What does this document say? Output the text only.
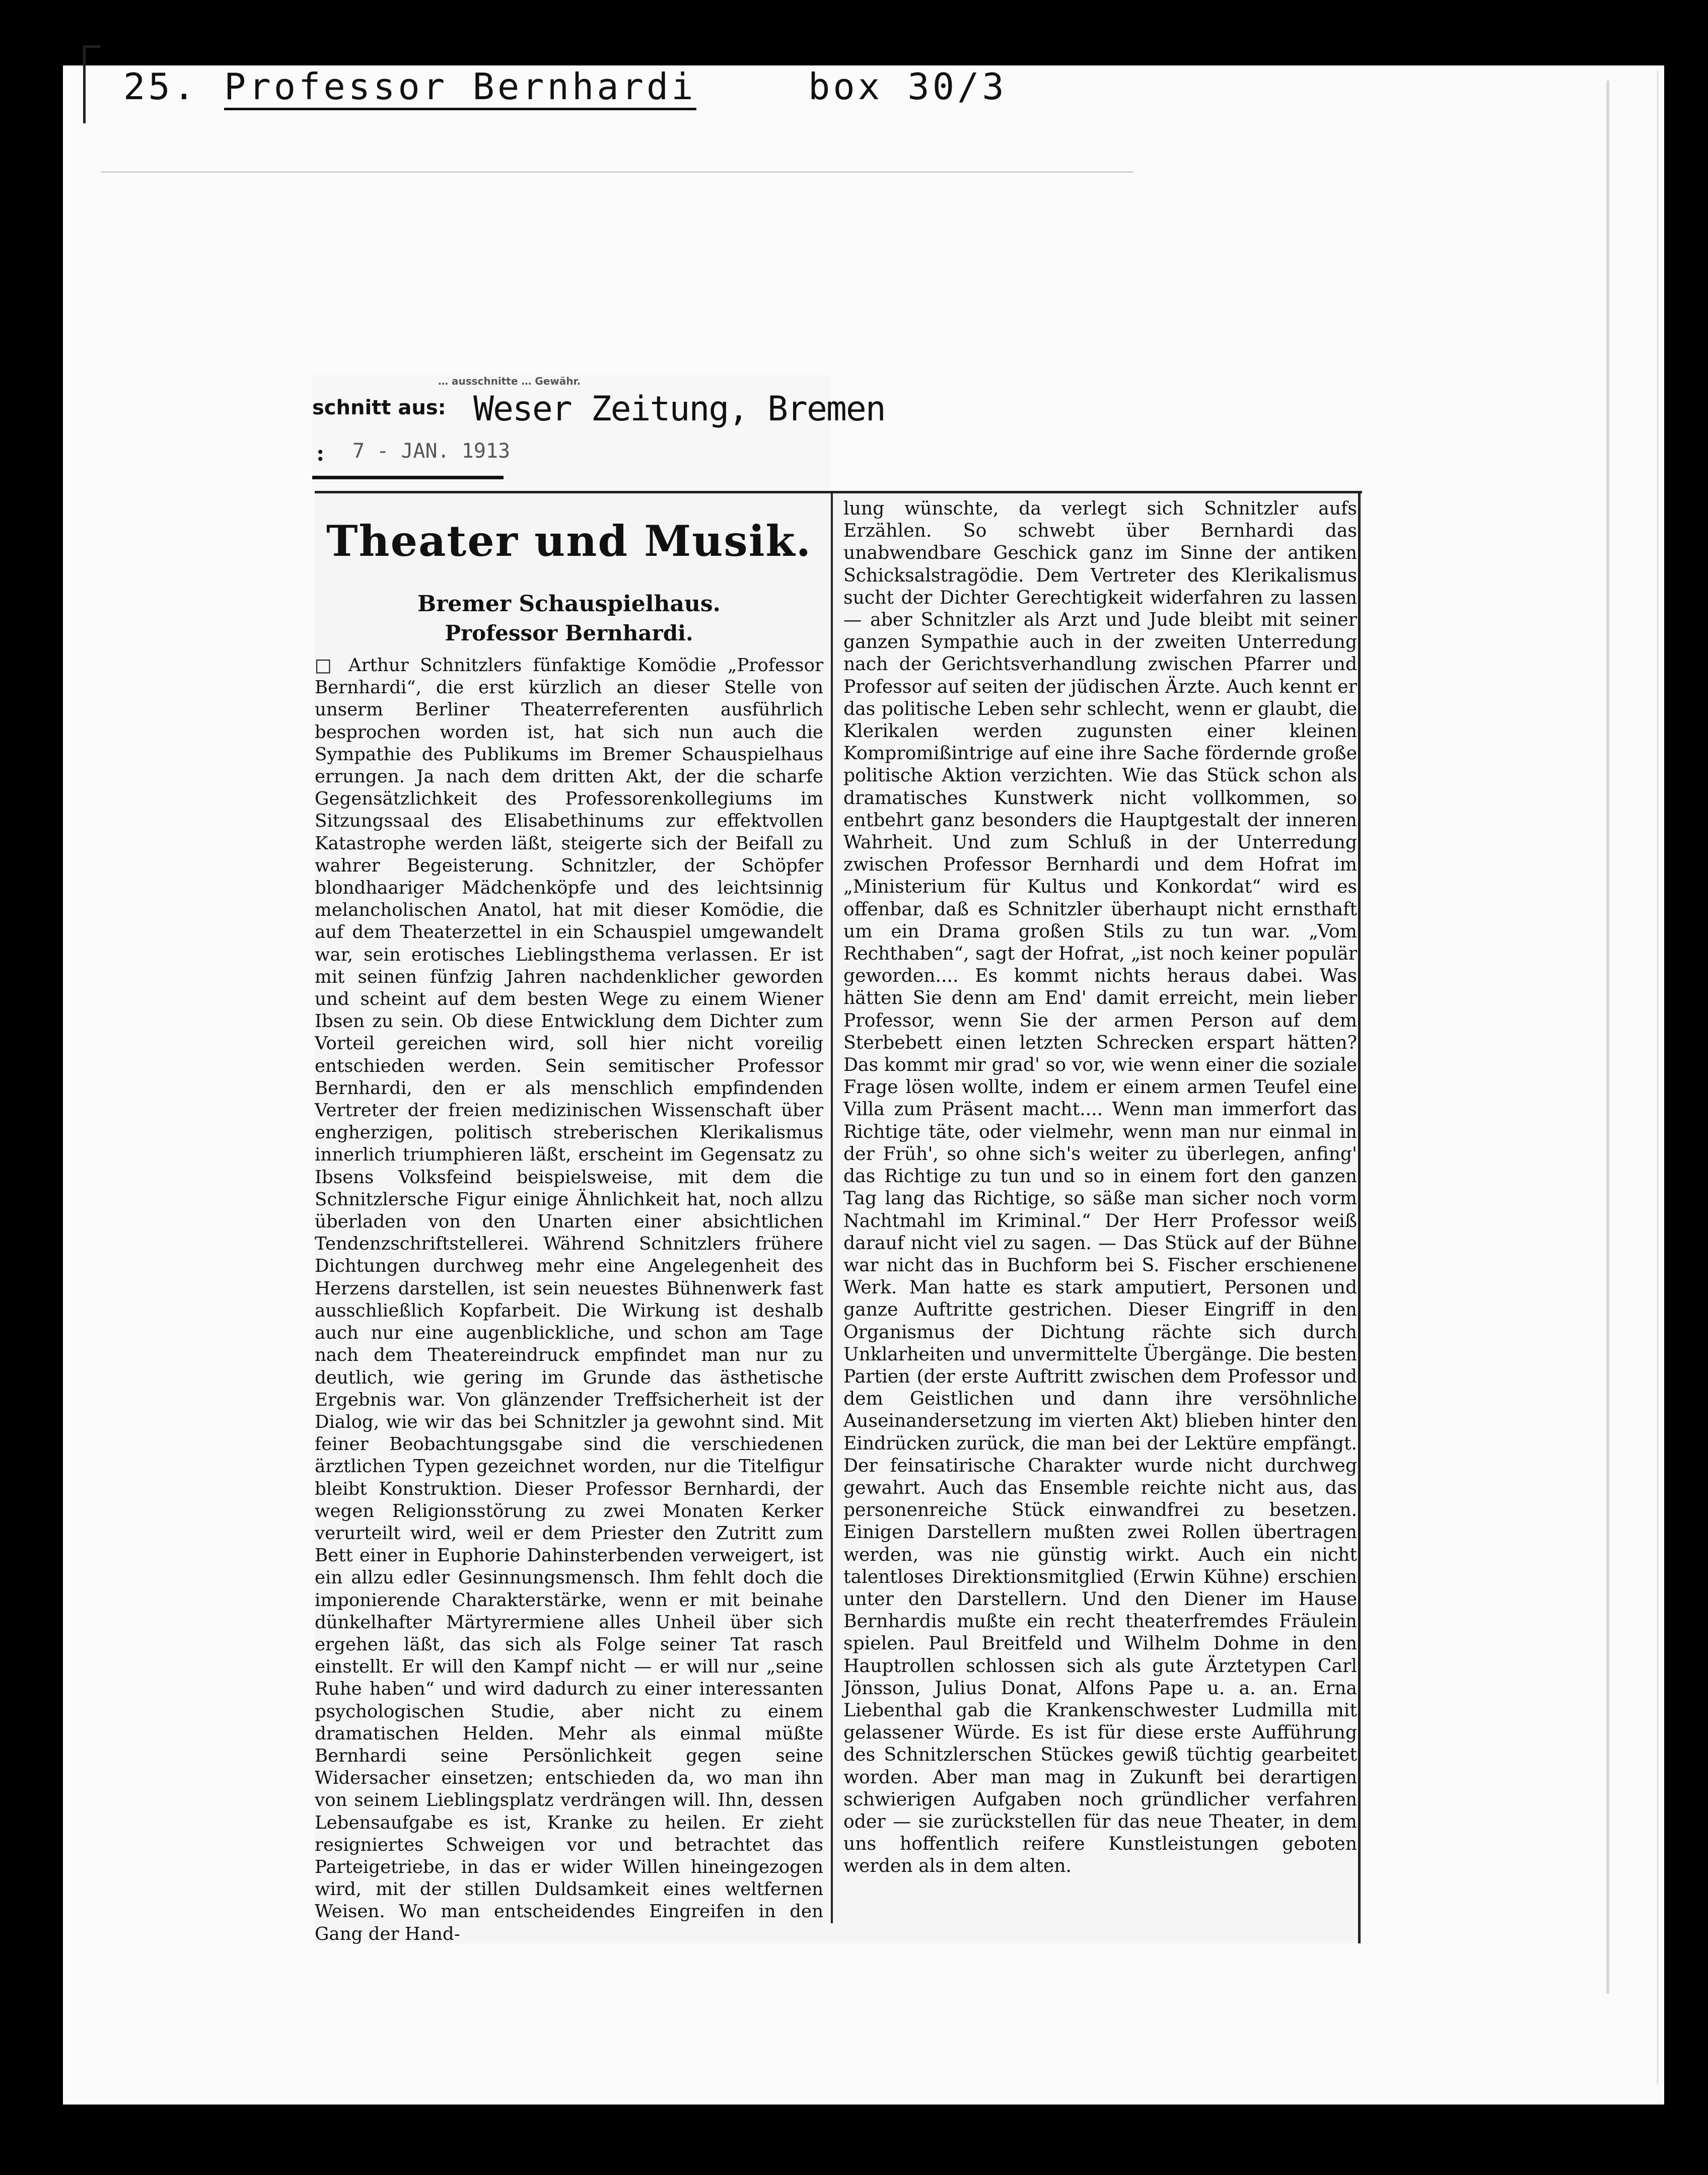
25. Professor Bernhardi	box 30/3
… ausschnitte … Gewähr.
schnitt aus: Weser Zeitung, Bremen
: 7 - JAN. 1913
Theater und Musik.
Bremer Schauspielhaus.
Professor Bernhardi.
□ Arthur Schnitzlers fünfaktige Komödie „Professor Bernhardi“, die erst kürzlich an dieser Stelle von unserm Berliner Theaterreferenten ausführlich besprochen worden ist, hat sich nun auch die Sympathie des Publikums im Bremer Schauspielhaus errungen. Ja nach dem dritten Akt, der die scharfe Gegensätzlichkeit des Professorenkollegiums im Sitzungssaal des Elisabethinums zur effektvollen Katastrophe werden läßt, steigerte sich der Beifall zu wahrer Begeisterung. Schnitzler, der Schöpfer blondhaariger Mädchenköpfe und des leichtsinnig melancholischen Anatol, hat mit dieser Komödie, die auf dem Theaterzettel in ein Schauspiel umgewandelt war, sein erotisches Lieblingsthema verlassen. Er ist mit seinen fünfzig Jahren nachdenklicher geworden und scheint auf dem besten Wege zu einem Wiener Ibsen zu sein. Ob diese Entwicklung dem Dichter zum Vorteil gereichen wird, soll hier nicht voreilig entschieden werden. Sein semitischer Professor Bernhardi, den er als menschlich empfindenden Vertreter der freien medizinischen Wissenschaft über engherzigen, politisch streberischen Klerikalismus innerlich triumphieren läßt, erscheint im Gegensatz zu Ibsens Volksfeind beispielsweise, mit dem die Schnitzlersche Figur einige Ähnlichkeit hat, noch allzu überladen von den Unarten einer absichtlichen Tendenzschriftstellerei. Während Schnitzlers frühere Dichtungen durchweg mehr eine Angelegenheit des Herzens darstellen, ist sein neuestes Bühnenwerk fast ausschließlich Kopfarbeit. Die Wirkung ist deshalb auch nur eine augenblickliche, und schon am Tage nach dem Theatereindruck empfindet man nur zu deutlich, wie gering im Grunde das ästhetische Ergebnis war. Von glänzender Treffsicherheit ist der Dialog, wie wir das bei Schnitzler ja gewohnt sind. Mit feiner Beobachtungsgabe sind die verschiedenen ärztlichen Typen gezeichnet worden, nur die Titelfigur bleibt Konstruktion. Dieser Professor Bernhardi, der wegen Religionsstörung zu zwei Monaten Kerker verurteilt wird, weil er dem Priester den Zutritt zum Bett einer in Euphorie Dahinsterbenden verweigert, ist ein allzu edler Gesinnungsmensch. Ihm fehlt doch die imponierende Charakterstärke, wenn er mit beinahe dünkelhafter Märtyrermiene alles Unheil über sich ergehen läßt, das sich als Folge seiner Tat rasch einstellt. Er will den Kampf nicht — er will nur „seine Ruhe haben“ und wird dadurch zu einer interessanten psychologischen Studie, aber nicht zu einem dramatischen Helden. Mehr als einmal müßte Bernhardi seine Persönlichkeit gegen seine Widersacher einsetzen; entschieden da, wo man ihn von seinem Lieblingsplatz verdrängen will. Ihn, dessen Lebensaufgabe es ist, Kranke zu heilen. Er zieht resigniertes Schweigen vor und betrachtet das Parteigetriebe, in das er wider Willen hineingezogen wird, mit der stillen Duldsamkeit eines weltfernen Weisen. Wo man entscheidendes Eingreifen in den Gang der Hand-
lung wünschte, da verlegt sich Schnitzler aufs Erzählen. So schwebt über Bernhardi das unabwendbare Geschick ganz im Sinne der antiken Schicksalstragödie. Dem Vertreter des Klerikalismus sucht der Dichter Gerechtigkeit widerfahren zu lassen — aber Schnitzler als Arzt und Jude bleibt mit seiner ganzen Sympathie auch in der zweiten Unterredung nach der Gerichtsverhandlung zwischen Pfarrer und Professor auf seiten der jüdischen Ärzte. Auch kennt er das politische Leben sehr schlecht, wenn er glaubt, die Klerikalen werden zugunsten einer kleinen Kompromißintrige auf eine ihre Sache fördernde große politische Aktion verzichten. Wie das Stück schon als dramatisches Kunstwerk nicht vollkommen, so entbehrt ganz besonders die Hauptgestalt der inneren Wahrheit. Und zum Schluß in der Unterredung zwischen Professor Bernhardi und dem Hofrat im „Ministerium für Kultus und Konkordat“ wird es offenbar, daß es Schnitzler überhaupt nicht ernsthaft um ein Drama großen Stils zu tun war. „Vom Rechthaben“, sagt der Hofrat, „ist noch keiner populär geworden.... Es kommt nichts heraus dabei. Was hätten Sie denn am End' damit erreicht, mein lieber Professor, wenn Sie der armen Person auf dem Sterbebett einen letzten Schrecken erspart hätten? Das kommt mir grad' so vor, wie wenn einer die soziale Frage lösen wollte, indem er einem armen Teufel eine Villa zum Präsent macht.... Wenn man immerfort das Richtige täte, oder vielmehr, wenn man nur einmal in der Früh', so ohne sich's weiter zu überlegen, anfing' das Richtige zu tun und so in einem fort den ganzen Tag lang das Richtige, so säße man sicher noch vorm Nachtmahl im Kriminal.“ Der Herr Professor weiß darauf nicht viel zu sagen. — Das Stück auf der Bühne war nicht das in Buchform bei S. Fischer erschienene Werk. Man hatte es stark amputiert, Personen und ganze Auftritte gestrichen. Dieser Eingriff in den Organismus der Dichtung rächte sich durch Unklarheiten und unvermittelte Übergänge. Die besten Partien (der erste Auftritt zwischen dem Professor und dem Geistlichen und dann ihre versöhnliche Auseinandersetzung im vierten Akt) blieben hinter den Eindrücken zurück, die man bei der Lektüre empfängt. Der feinsatirische Charakter wurde nicht durchweg gewahrt. Auch das Ensemble reichte nicht aus, das personenreiche Stück einwandfrei zu besetzen. Einigen Darstellern mußten zwei Rollen übertragen werden, was nie günstig wirkt. Auch ein nicht talentloses Direktionsmitglied (Erwin Kühne) erschien unter den Darstellern. Und den Diener im Hause Bernhardis mußte ein recht theaterfremdes Fräulein spielen. Paul Breitfeld und Wilhelm Dohme in den Hauptrollen schlossen sich als gute Ärztetypen Carl Jönsson, Julius Donat, Alfons Pape u. a. an. Erna Liebenthal gab die Krankenschwester Ludmilla mit gelassener Würde. Es ist für diese erste Aufführung des Schnitzlerschen Stückes gewiß tüchtig gearbeitet worden. Aber man mag in Zukunft bei derartigen schwierigen Aufgaben noch gründlicher verfahren oder — sie zurückstellen für das neue Theater, in dem uns hoffentlich reifere Kunstleistungen geboten werden als in dem alten.
